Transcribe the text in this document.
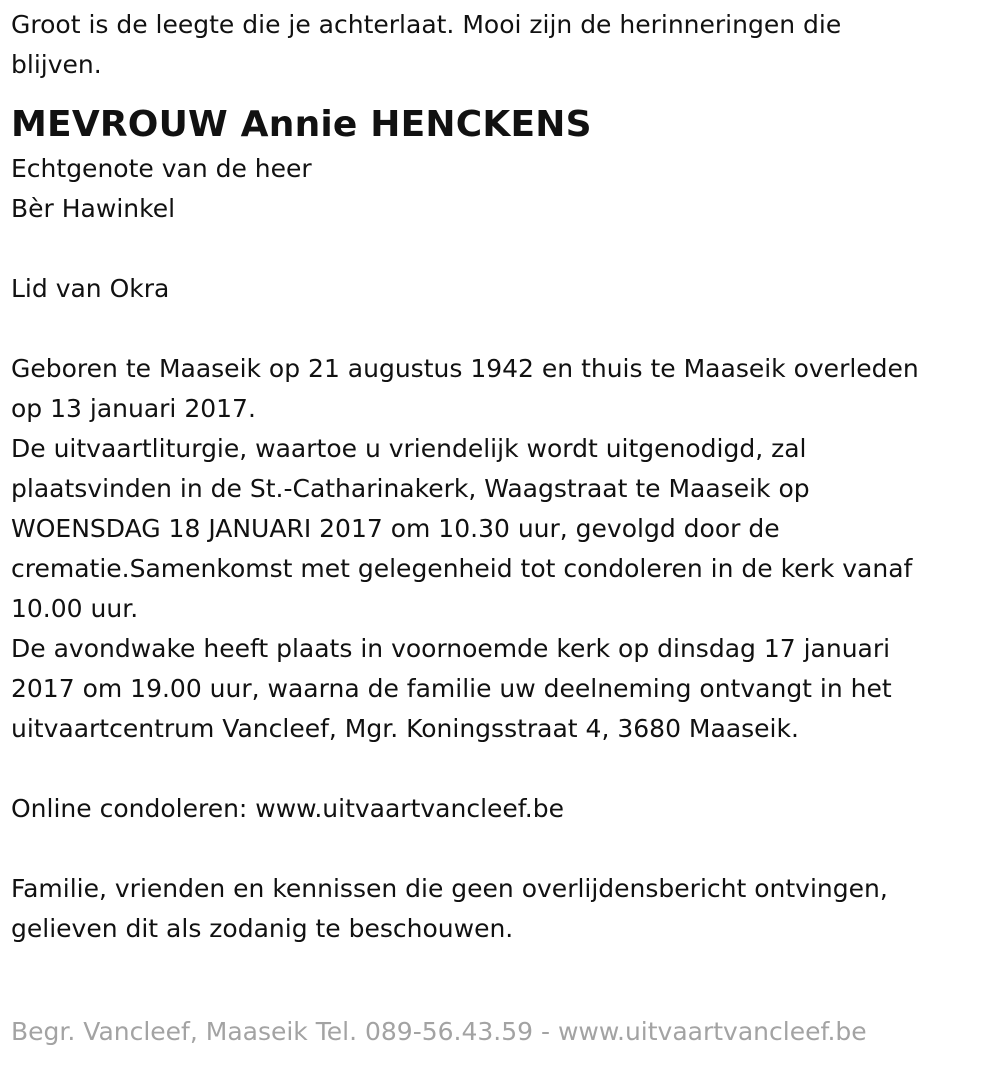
Groot is de leegte die je achterlaat. Mooi zijn de herinneringen die
blijven.
MEVROUW Annie HENCKENS
Echtgenote van de heer
Bèr Hawinkel
Lid van Okra
Geboren te Maaseik op 21 augustus 1942 en thuis te Maaseik overleden
op 13 januari 2017.
De uitvaartliturgie, waartoe u vriendelijk wordt uitgenodigd, zal
plaatsvinden in de St.-Catharinakerk, Waagstraat te Maaseik op
WOENSDAG 18 JANUARI 2017 om 10.30 uur, gevolgd door de
crematie.Samenkomst met gelegenheid tot condoleren in de kerk vanaf
10.00 uur.
De avondwake heeft plaats in voornoemde kerk op dinsdag 17 januari
2017 om 19.00 uur, waarna de familie uw deelneming ontvangt in het
uitvaartcentrum Vancleef, Mgr. Koningsstraat 4, 3680 Maaseik.
Online condoleren: www.uitvaartvancleef.be
Familie, vrienden en kennissen die geen overlijdensbericht ontvingen,
gelieven dit als zodanig te beschouwen.
Begr. Vancleef, Maaseik Tel. 089-56.43.59 - www.uitvaartvancleef.be
